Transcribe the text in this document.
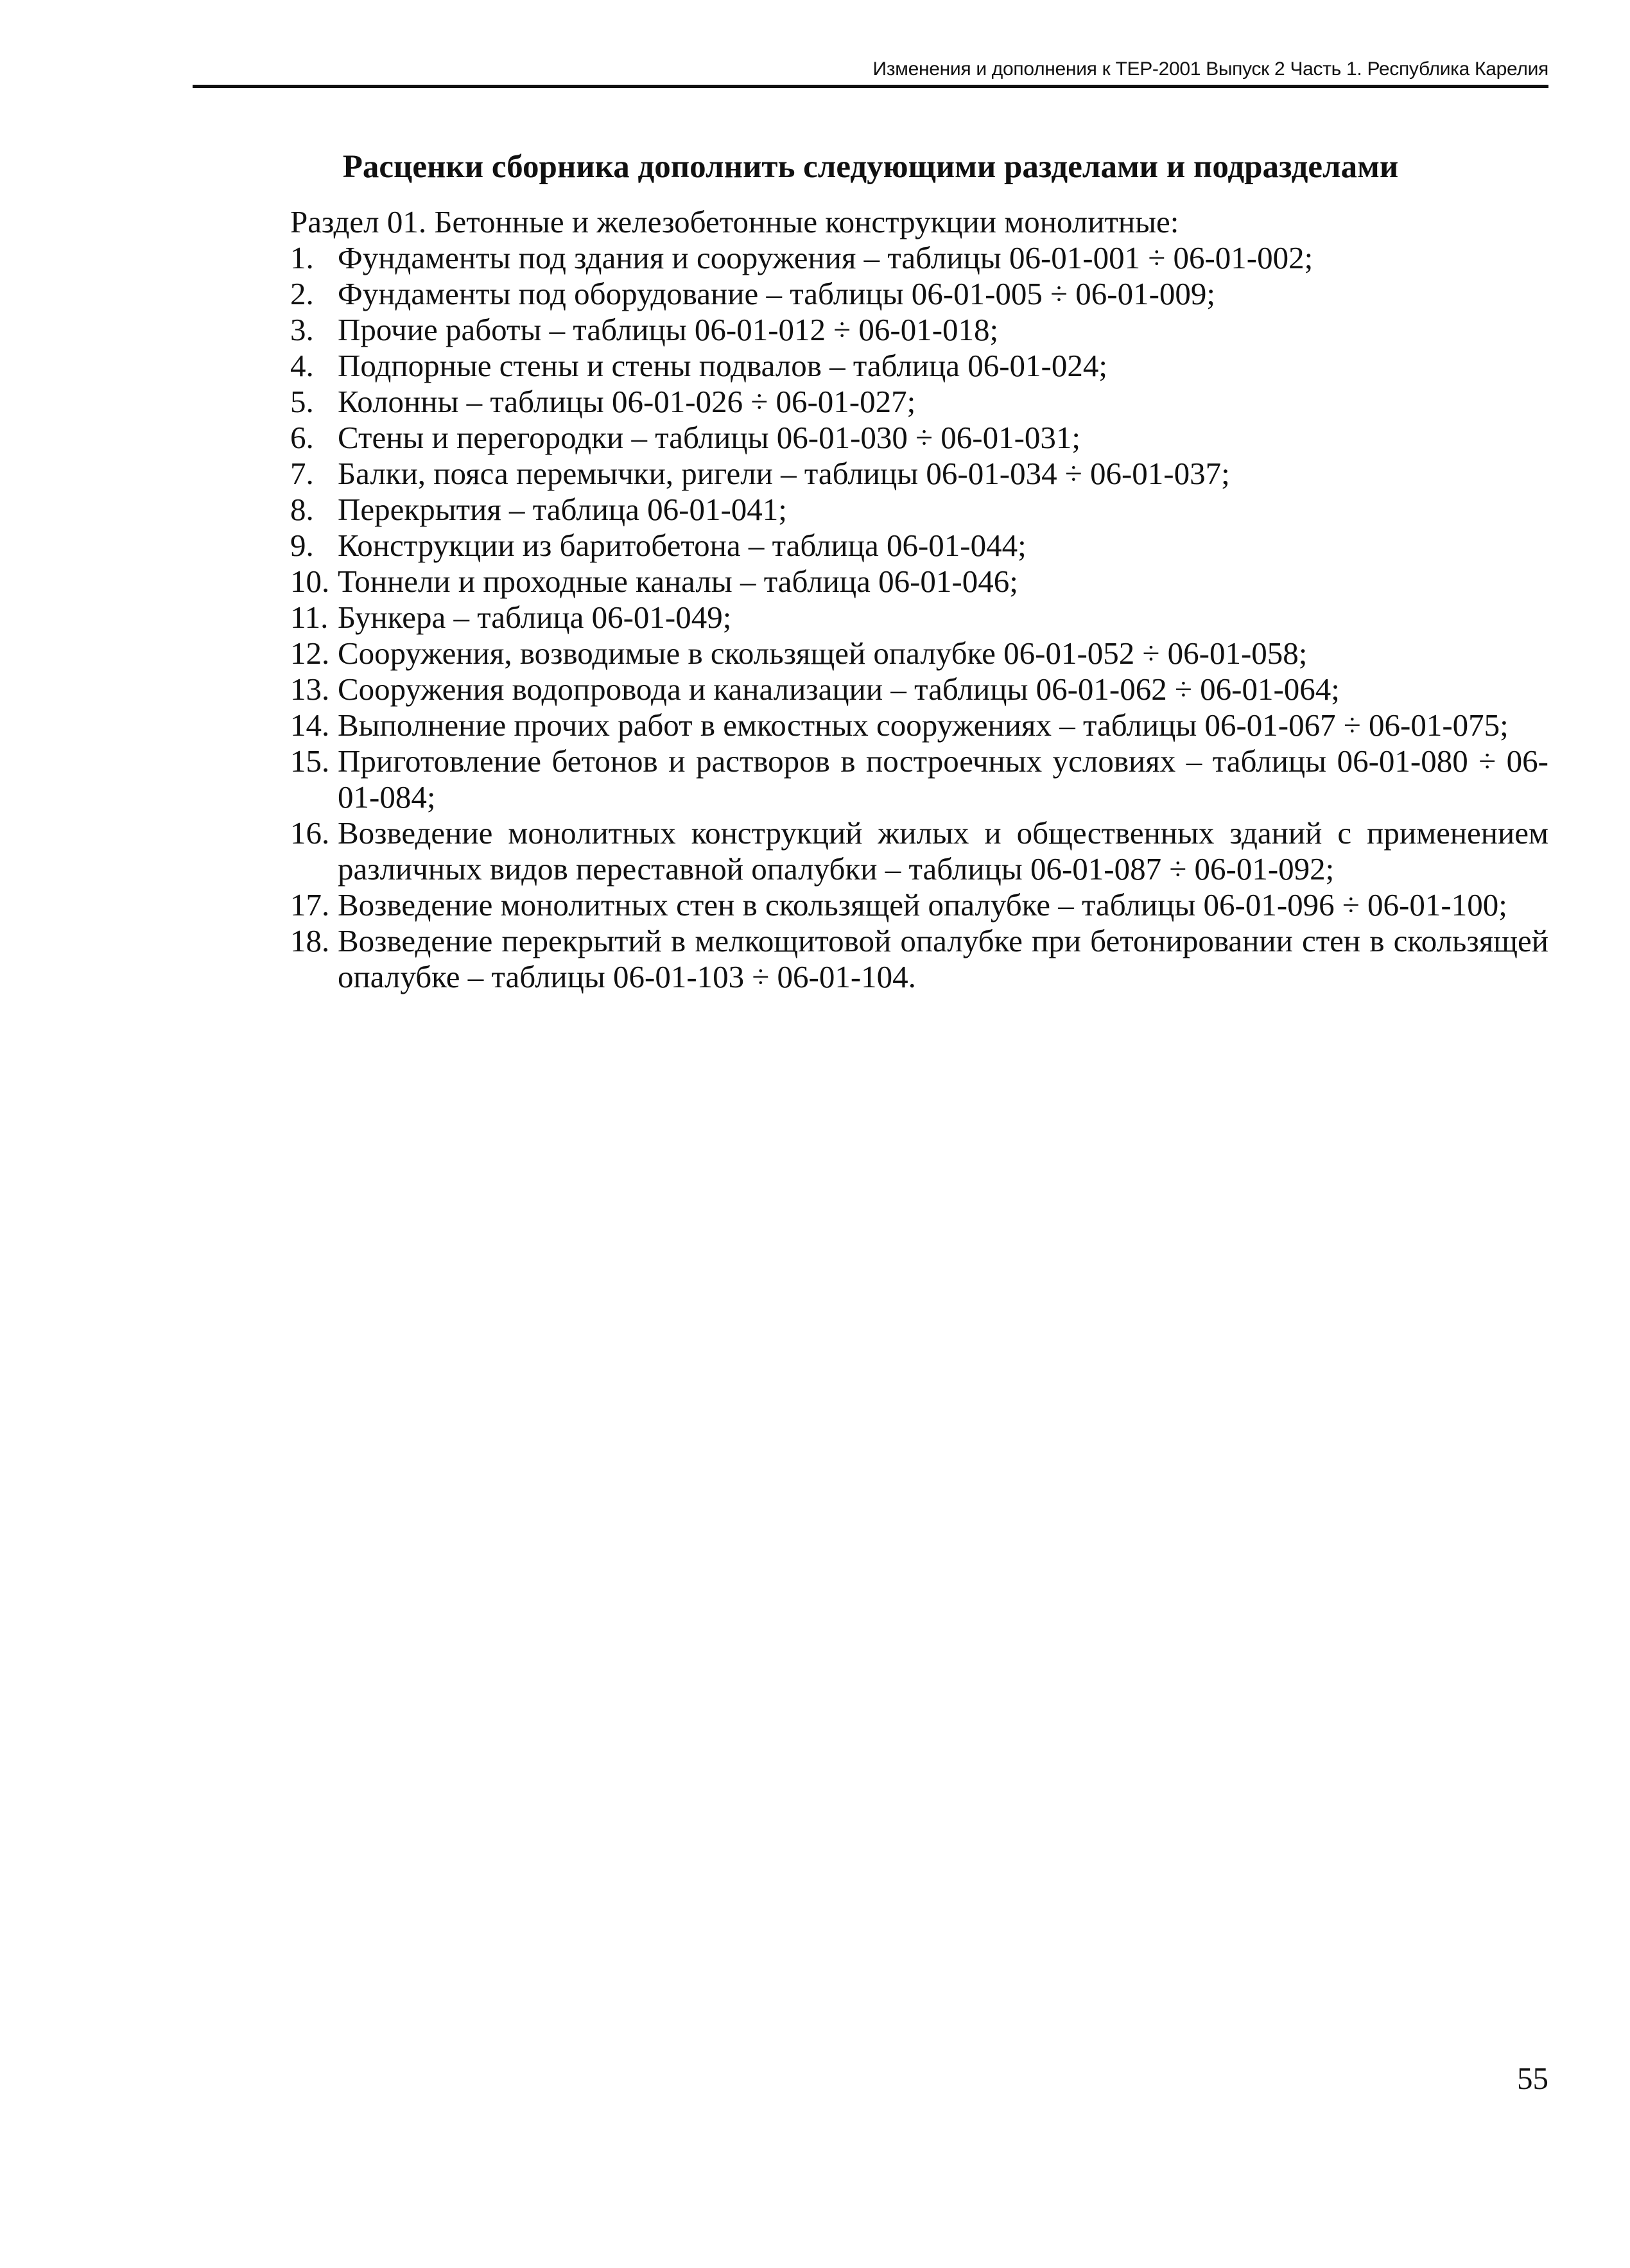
Изменения и дополнения к ТЕР-2001 Выпуск 2 Часть 1. Республика Карелия
Расценки сборника дополнить следующими разделами и подразделами
Раздел 01. Бетонные и железобетонные конструкции монолитные:
1. Фундаменты под здания и сооружения – таблицы 06-01-001 ÷ 06-01-002;
2. Фундаменты под оборудование – таблицы 06-01-005 ÷ 06-01-009;
3. Прочие работы – таблицы 06-01-012 ÷ 06-01-018;
4. Подпорные стены и стены подвалов – таблица 06-01-024;
5. Колонны – таблицы 06-01-026 ÷ 06-01-027;
6. Стены и перегородки – таблицы 06-01-030 ÷ 06-01-031;
7. Балки, пояса перемычки, ригели – таблицы 06-01-034 ÷ 06-01-037;
8. Перекрытия – таблица 06-01-041;
9. Конструкции из баритобетона – таблица 06-01-044;
10. Тоннели и проходные каналы – таблица 06-01-046;
11. Бункера – таблица 06-01-049;
12. Сооружения, возводимые в скользящей опалубке 06-01-052 ÷ 06-01-058;
13. Сооружения водопровода и канализации – таблицы 06-01-062 ÷ 06-01-064;
14. Выполнение прочих работ в емкостных сооружениях – таблицы 06-01-067 ÷ 06-01-075;
15. Приготовление бетонов и растворов в построечных условиях – таблицы 06-01-080 ÷ 06-01-084;
16. Возведение монолитных конструкций жилых и общественных зданий с применением различных видов переставной опалубки – таблицы 06-01-087 ÷ 06-01-092;
17. Возведение монолитных стен в скользящей опалубке – таблицы 06-01-096 ÷ 06-01-100;
18. Возведение перекрытий в мелкощитовой опалубке при бетонировании стен в скользящей опалубке – таблицы 06-01-103 ÷ 06-01-104.
55
